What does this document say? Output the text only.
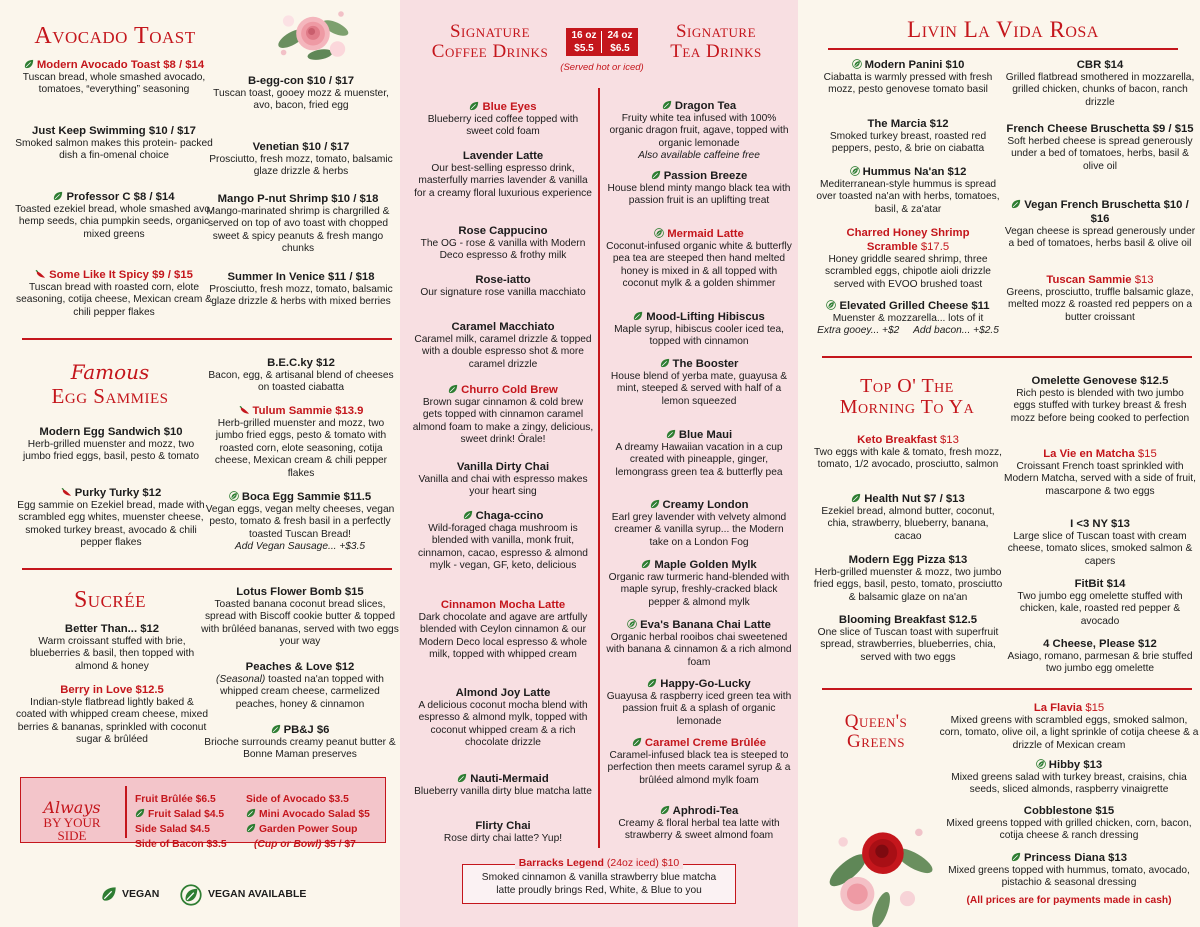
Avocado Toast
Modern Avocado Toast $8 / $14
Tuscan bread, whole smashed avocado, tomatoes, “everything” seasoning
B-egg-con $10 / $17
Tuscan toast, gooey mozz & muenster, avo, bacon, fried egg
Just Keep Swimming $10 / $17
Smoked salmon makes this protein- packed dish a fin-omenal choice
Venetian $10 / $17
Prosciutto, fresh mozz, tomato, balsamic glaze drizzle & herbs
Professor C $8 / $14
Toasted ezekiel bread, whole smashed avo, hemp seeds, chia pumpkin seeds, organic mixed greens
Mango P-nut Shrimp $10 / $18
Mango-marinated shrimp is chargrilled & served on top of avo toast with chopped sweet & spicy peanuts & fresh mango chunks
Some Like It Spicy $9 / $15
Tuscan bread with roasted corn, elote seasoning, cotija cheese, Mexican cream & chili pepper flakes
Summer In Venice $11 / $18
Prosciutto, fresh mozz, tomato, balsamic glaze drizzle & herbs with mixed berries
Famous
Egg Sammies
B.E.C.ky $12
Bacon, egg, & artisanal blend of cheeses on toasted ciabatta
Modern Egg Sandwich $10
Herb-grilled muenster and mozz, two jumbo fried eggs, basil, pesto & tomato
Tulum Sammie $13.9
Herb-grilled muenster and mozz, two jumbo fried eggs, pesto & tomato with roasted corn, elote seasoning, cotija cheese, Mexican cream & chili pepper flakes
Purky Turky $12
Egg sammie on Ezekiel bread, made with scrambled egg whites, muenster cheese, smoked turkey breast, avocado & chili pepper flakes
Boca Egg Sammie $11.5
Vegan eggs, vegan melty cheeses, vegan pesto, tomato & fresh basil in a perfectly toasted Tuscan Bread!
Add Vegan Sausage... +$3.5
Sucrée	Lotus Flower Bomb $15
Toasted banana coconut bread slices, spread with Biscoff cookie butter & topped with brûléed bananas, served with two eggs your way
Better Than... $12
Warm croissant stuffed with brie, blueberries & basil, then topped with almond & honey	Peaches & Love $12
(Seasonal) toasted na'an topped with whipped cream cheese, carmelized peaches, honey & cinnamon
Berry in Love $12.5
Indian-style flatbread lightly baked & coated with whipped cream cheese, mixed berries & bananas, sprinkled with coconut sugar & brûléed
PB&J $6
Brioche surrounds creamy peanut butter & Bonne Maman preserves
Always
BY YOUR
SIDE
Fruit Brûlée $6.5
Fruit Salad $4.5
Side Salad $4.5
Side of Bacon $3.5
Side of Avocado $3.5
Mini Avocado Salad $5
Garden Power Soup
(Cup or Bowl) $5 / $7
VEGAN	VEGAN AVAILABLE
Signature
Coffee Drinks
16 oz
$5.5
24 oz
$6.5
(Served hot or iced)
Signature
Tea Drinks
Blue Eyes
Blueberry iced coffee topped with sweet cold foam
Lavender Latte
Our best-selling espresso drink, masterfully marries lavender & vanilla for a creamy floral luxurious experience
Rose Cappucino
The OG - rose & vanilla with Modern Deco espresso & frothy milk
Rose-iatto
Our signature rose vanilla macchiato
Caramel Macchiato
Caramel milk, caramel drizzle & topped with a double espresso shot & more caramel drizzle
Churro Cold Brew
Brown sugar cinnamon & cold brew gets topped with cinnamon caramel almond foam to make a zingy, delicious, sweet drink! Órale!
Vanilla Dirty Chai
Vanilla and chai with espresso makes your heart sing
Chaga-ccino
Wild-foraged chaga mushroom is blended with vanilla, monk fruit, cinnamon, cacao, espresso & almond mylk - vegan, GF, keto, delicious
Cinnamon Mocha Latte
Dark chocolate and agave are artfully blended with Ceylon cinnamon & our Modern Deco local espresso & whole milk, topped with whipped cream
Almond Joy Latte
A delicious coconut mocha blend with espresso & almond mylk, topped with coconut whipped cream & a rich chocolate drizzle
Nauti-Mermaid
Blueberry vanilla dirty blue matcha latte
Flirty Chai
Rose dirty chai latte? Yup!
Dragon Tea
Fruity white tea infused with 100% organic dragon fruit, agave, topped with organic lemonade
Also available caffeine free
Passion Breeze
House blend minty mango black tea with passion fruit is an uplifting treat
Mermaid Latte
Coconut-infused organic white & butterfly pea tea are steeped then hand melted honey is mixed in & all topped with coconut mylk & a golden shimmer
Mood-Lifting Hibiscus
Maple syrup, hibiscus cooler iced tea, topped with cinnamon
The Booster
House blend of yerba mate, guayusa & mint, steeped & served with half of a lemon squeezed
Blue Maui
A dreamy Hawaiian vacation in a cup created with pineapple, ginger, lemongrass green tea & butterfly pea
Creamy London
Earl grey lavender with velvety almond creamer & vanilla syrup... the Modern take on a London Fog
Maple Golden Mylk
Organic raw turmeric hand-blended with maple syrup, freshly-cracked black pepper & almond mylk
Eva's Banana Chai Latte
Organic herbal rooibos chai sweetened with banana & cinnamon & a rich almond foam
Happy-Go-Lucky
Guayusa & raspberry iced green tea with passion fruit & a splash of organic lemonade
Caramel Creme Brûlée
Caramel-infused black tea is steeped to perfection then meets caramel syrup & a brûléed almond mylk foam
Aphrodi-Tea
Creamy & floral herbal tea latte with strawberry & sweet almond foam
Barracks Legend (24oz iced) $10
Smoked cinnamon & vanilla strawberry blue matcha latte proudly brings Red, White, & Blue to you
Livin La Vida Rosa
Modern Panini $10
Ciabatta is warmly pressed with fresh mozz, pesto genovese tomato basil
CBR $14
Grilled flatbread smothered in mozzarella, grilled chicken, chunks of bacon, ranch drizzle
The Marcia $12
Smoked turkey breast, roasted red peppers, pesto, & brie on ciabatta
French Cheese Bruschetta $9 / $15
Soft herbed cheese is spread generously under a bed of tomatoes, herbs, basil & olive oil
Hummus Na'an $12
Mediterranean-style hummus is spread over toasted na'an with herbs, tomatoes, basil, & za'atar	Vegan French Bruschetta $10 / $16
Vegan cheese is spread generously under a bed of tomatoes, herbs basil & olive oil
Charred Honey Shrimp Scramble $17.5
Honey griddle seared shrimp, three scrambled eggs, chipotle aioli drizzle served with EVOO brushed toast	Tuscan Sammie $13
Greens, prosciutto, truffle balsamic glaze, melted mozz & roasted red peppers on a butter croissant
Elevated Grilled Cheese $11
Muenster & mozzarella... lots of it
Extra gooey... +$2     Add bacon... +$2.5
Top O' The
Morning To Ya
Omelette Genovese $12.5
Rich pesto is blended with two jumbo eggs stuffed with turkey breast & fresh mozz before being cooked to perfection
Keto Breakfast $13
Two eggs with kale & tomato, fresh mozz, tomato, 1/2 avocado, prosciutto, salmon
La Vie en Matcha $15
Croissant French toast sprinkled with Modern Matcha, served with a side of fruit, mascarpone & two eggs
Health Nut $7 / $13
Ezekiel bread, almond butter, coconut, chia, strawberry, blueberry, banana, cacao
I <3 NY $13
Large slice of Tuscan toast with cream cheese, tomato slices, smoked salmon & capers
Modern Egg Pizza $13
Herb-grilled muenster & mozz, two jumbo fried eggs, basil, pesto, tomato, prosciutto & balsamic glaze on na'an
FitBit $14
Two jumbo egg omelette stuffed with chicken, kale, roasted red pepper & avocado
Blooming Breakfast $12.5
One slice of Tuscan toast with superfruit spread, strawberries, blueberries, chia, served with two eggs
4 Cheese, Please $12
Asiago, romano, parmesan & brie stuffed two jumbo egg omelette
Queen's
Greens
La Flavia $15
Mixed greens with scrambled eggs, smoked salmon, corn, tomato, olive oil, a light sprinkle of cotija cheese & a drizzle of Mexican cream
Hibby $13
Mixed greens salad with turkey breast, craisins, chia seeds, sliced almonds, raspberry vinaigrette
Cobblestone $15
Mixed greens topped with grilled chicken, corn, bacon, cotija cheese & ranch dressing
Princess Diana $13
Mixed greens topped with hummus, tomato, avocado, pistachio & seasonal dressing
(All prices are for payments made in cash)
